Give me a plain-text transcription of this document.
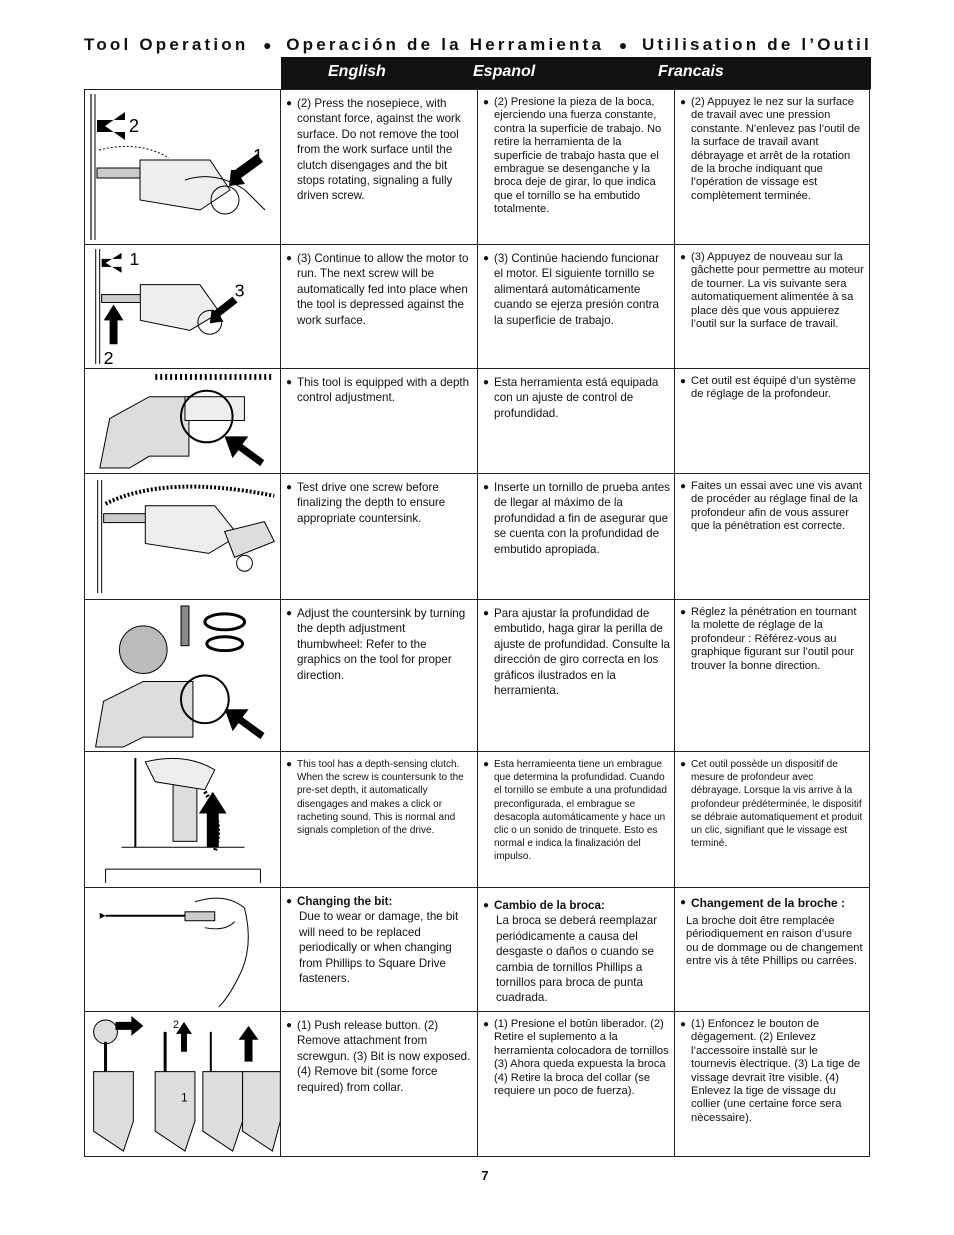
Tool Operation ● Operación de la Herramienta ● Utilisation de l’Outil
English	Espanol	Francais
2
1
● (2) Press the nosepiece, with constant force, against the work surface. Do not remove the tool from the work surface until the clutch disengages and the bit stops rotating, signaling a fully driven screw.
● (2) Presione la pieza de la boca, ejerciendo una fuerza constante, contra la superficie de trabajo. No retire la herramienta de la superficie de trabajo hasta que el embrague se desenganche y la broca deje de girar, lo que indica que el tornillo se ha embutido totalmente.
● (2) Appuyez le nez sur la surface de travail avec une pression constante. N’enlevez pas l’outil de la surface de travail avant débrayage et arrêt de la rotation de la broche indiquant que l’opération de vissage est complètement terminée.
1
3
2
● (3) Continue to allow the motor to run. The next screw will be automatically fed into place when the tool is depressed against the work surface.
● (3) Continúe haciendo funcionar el motor. El siguiente tornillo se alimentará automáticamente cuando se ejerza presión contra la superficie de trabajo.
● (3) Appuyez de nouveau sur la gâchette pour permettre au moteur de tourner. La vis suivante sera automatiquement alimentée à sa place dès que vous appuierez l’outil sur la surface de travail.
● This tool is equipped with a depth control adjustment.
● Esta herramienta está equipada con un ajuste de control de profundidad.
● Cet outil est équipé d’un système de réglage de la profondeur.
● Test drive one screw before finalizing the depth to ensure appropriate countersink.
● Inserte un tornillo de prueba antes de llegar al máximo de la profundidad a fin de asegurar que se cuenta con la profundidad de embutido apropiada.
● Faites un essai avec une vis avant de procéder au réglage final de la profondeur afin de vous assurer que la pénétration est correcte.
● Adjust the countersink by turning the depth adjustment thumbwheel: Refer to the graphics on the tool for proper direction.
● Para ajustar la profundidad de embutido, haga girar la perilla de ajuste de profundidad. Consulte la dirección de giro correcta en los gráficos ilustrados en la herramienta.
● Réglez la pénétration en tournant la molette de réglage de la profondeur : Référez-vous au graphique figurant sur l’outil pour trouver la bonne direction.
● This tool has a depth-sensing clutch. When the screw is countersunk to the pre-set depth, it automatically disengages and makes a click or racheting sound. This is normal and signals completion of the drive.
● Esta herramieenta tiene un embrague que determina la profundidad. Cuando el tornillo se embute a una profundidad preconfigurada, el embrague se desacopla automáticamente y hace un clic o un sonido de trinquete. Esto es normal e indica la finalización del impulso.
● Cet outil possède un dispositif de mesure de profondeur avec débrayage. Lorsque la vis arrive à la profondeur prédéterminée, le dispositif se débraie automatiquement et produit un clic, signifiant que le vissage est terminé.
● Changing the bit:
Due to wear or damage, the bit will need to be replaced periodically or when changing from Phillips to Square Drive fasteners.
● Cambio de la broca:
La broca se deberá reemplazar periódicamente a causa del desgaste o daños o cuando se cambia de tornillos Phillips a tornillos para broca de punta cuadrada.
● Changement de la broche :
La broche doit être remplacée périodiquement en raison d’usure ou de dommage ou de changement entre vis à tête Phillips ou carrées.
2
1
● (1) Push release button. (2) Remove attachment from screwgun. (3) Bit is now exposed. (4) Remove bit (some force required) from collar.
● (1) Presione el botûn liberador. (2) Retire el suplemento a la herramienta colocadora de tornillos (3) Ahora queda expuesta la broca (4) Retire la broca del collar (se requiere un poco de fuerza).
● (1) Enfoncez le bouton de dègagement. (2) Enlevez l’accessoire installè sur le tournevis èlectrique. (3) La tige de vissage devrait ître visible. (4) Enlevez la tige de vissage du collier (une certaine force sera nècessaire).
7
